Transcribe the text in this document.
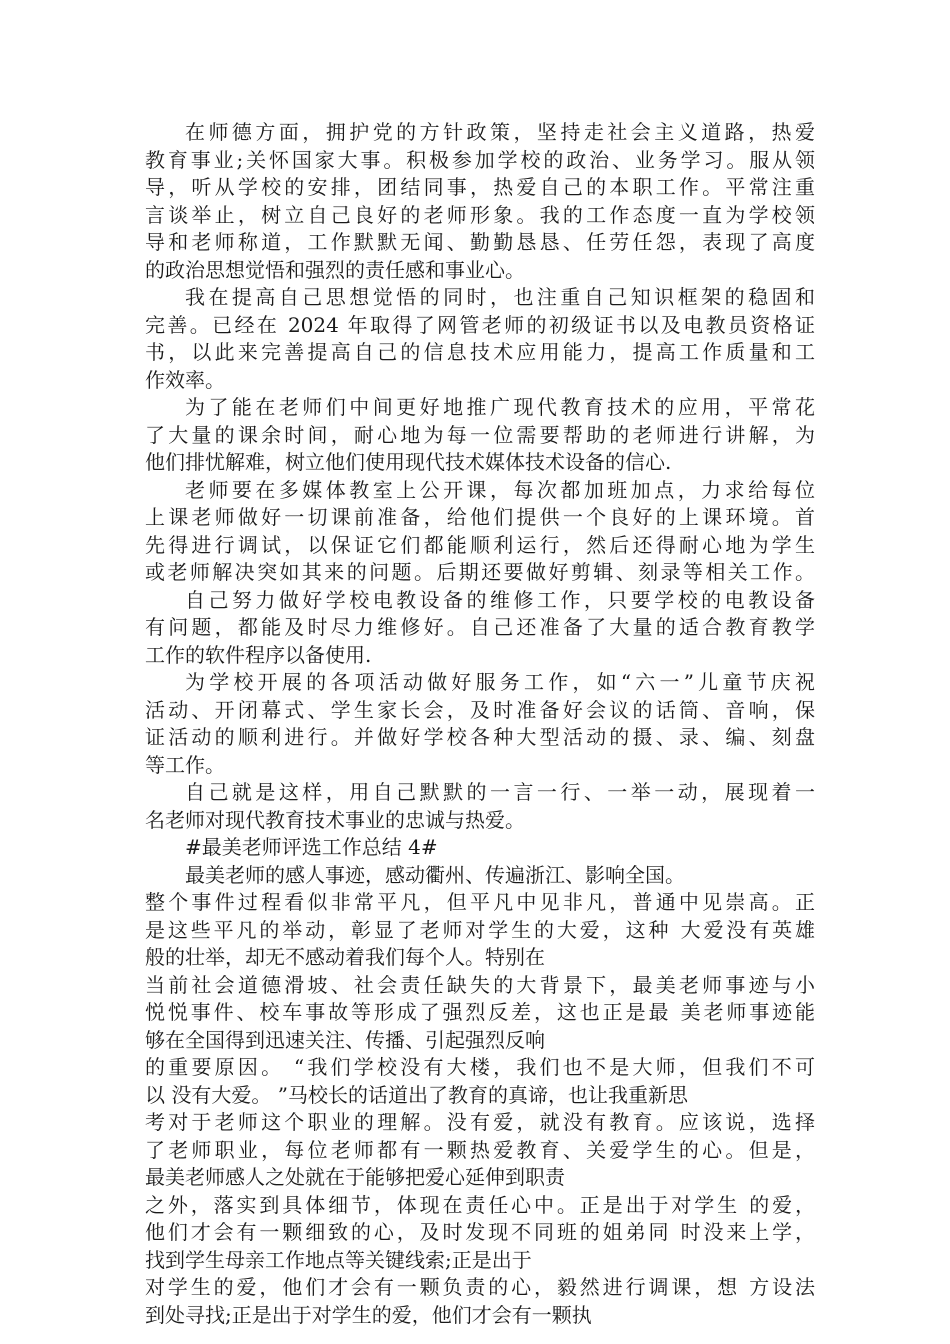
在师德方面，拥护党的方针政策，坚持走社会主义道路，热爱
教育事业;关怀国家大事。积极参加学校的政治、业务学习。服从领
导，听从学校的安排，团结同事，热爱自己的本职工作。平常注重
言谈举止，树立自己良好的老师形象。我的工作态度一直为学校领
导和老师称道，工作默默无闻、勤勤恳恳、任劳任怨，表现了高度
的政治思想觉悟和强烈的责任感和事业心。
我在提高自己思想觉悟的同时，也注重自己知识框架的稳固和
完善。已经在 2024 年取得了网管老师的初级证书以及电教员资格证
书，以此来完善提高自己的信息技术应用能力，提高工作质量和工
作效率。
为了能在老师们中间更好地推广现代教育技术的应用，平常花
了大量的课余时间，耐心地为每一位需要帮助的老师进行讲解，为
他们排忧解难，树立他们使用现代技术媒体技术设备的信心.
老师要在多媒体教室上公开课，每次都加班加点，力求给每位
上课老师做好一切课前准备，给他们提供一个良好的上课环境。首
先得进行调试，以保证它们都能顺利运行，然后还得耐心地为学生
或老师解决突如其来的问题。后期还要做好剪辑、刻录等相关工作。
自己努力做好学校电教设备的维修工作，只要学校的电教设备
有问题，都能及时尽力维修好。自己还准备了大量的适合教育教学
工作的软件程序以备使用.
为学校开展的各项活动做好服务工作，如“六一”儿童节庆祝
活动、开闭幕式、学生家长会，及时准备好会议的话筒、音响，保
证活动的顺利进行。并做好学校各种大型活动的摄、录、编、刻盘
等工作。
自己就是这样，用自己默默的一言一行、一举一动，展现着一
名老师对现代教育技术事业的忠诚与热爱。
#最美老师评选工作总结 4#
最美老师的感人事迹，感动衢州、传遍浙江、影响全国。
整个事件过程看似非常平凡，但平凡中见非凡，普通中见崇高。正
是这些平凡的举动，彰显了老师对学生的大爱，这种 大爱没有英雄
般的壮举，却无不感动着我们每个人。特别在
当前社会道德滑坡、社会责任缺失的大背景下，最美老师事迹与小
悦悦事件、校车事故等形成了强烈反差，这也正是最 美老师事迹能
够在全国得到迅速关注、传播、引起强烈反响
的重要原因。 “我们学校没有大楼，我们也不是大师，但我们不可
以 没有大爱。 ”马校长的话道出了教育的真谛，也让我重新思
考对于老师这个职业的理解。没有爱，就没有教育。应该说，选择
了老师职业，每位老师都有一颗热爱教育、关爱学生的心。但是，
最美老师感人之处就在于能够把爱心延伸到职责
之外，落实到具体细节，体现在责任心中。正是出于对学生 的爱，
他们才会有一颗细致的心，及时发现不同班的姐弟同 时没来上学，
找到学生母亲工作地点等关键线索;正是出于
对学生的爱，他们才会有一颗负责的心，毅然进行调课，想 方设法
到处寻找;正是出于对学生的爱，他们才会有一颗执
